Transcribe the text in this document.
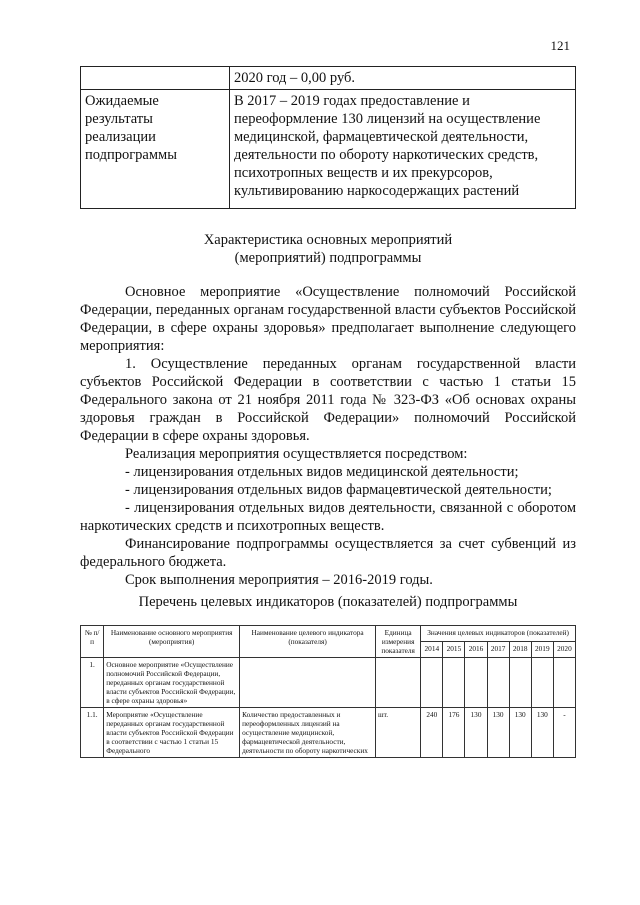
121
	2020 год – 0,00 руб.
Ожидаемые результаты реализации подпрограммы	В 2017 – 2019 годах предоставление и переоформление 130 лицензий на осуществление медицинской, фармацевтической деятельности, деятельности по обороту наркотических средств, психотропных веществ и их прекурсоров, культивированию наркосодержащих растений
Характеристика основных мероприятий
(мероприятий) подпрограммы

Основное мероприятие «Осуществление полномочий Российской Федерации, переданных органам государственной власти субъектов Российской Федерации, в сфере охраны здоровья» предполагает выполнение следующего мероприятия:

1. Осуществление переданных органам государственной власти субъектов Российской Федерации в соответствии с частью 1 статьи 15 Федерального закона от 21 ноября 2011 года № 323-ФЗ «Об основах охраны здоровья граждан в Российской Федерации» полномочий Российской Федерации в сфере охраны здоровья.

Реализация мероприятия осуществляется посредством:

- лицензирования отдельных видов медицинской деятельности;

- лицензирования отдельных видов фармацевтической деятельности;

- лицензирования отдельных видов деятельности, связанной с оборотом наркотических средств и психотропных веществ.

Финансирование подпрограммы осуществляется за счет субвенций из федерального бюджета.

Срок выполнения мероприятия – 2016-2019 годы.

Перечень целевых индикаторов (показателей) подпрограммы
№ п/п	Наименование основного мероприятия (мероприятия)	Наименование целевого индикатора (показателя)	Единица измерения показателя	Значения целевых индикаторов (показателей)						
				2014	2015	2016	2017	2018	2019	2020
1.	Основное мероприятие «Осуществление полномочий Российской Федерации, переданных органам государственной власти субъектов Российской Федерации, в сфере охраны здоровья»									
1.1.	Мероприятие «Осуществление переданных органам государственной власти субъектов Российской Федерации в соответствии с частью 1 статьи 15 Федерального	Количество предоставленных и переоформленных лицензий на осуществление медицинской, фармацевтической деятельности, деятельности по обороту наркотических	шт.	240	176	130	130	130	130	-
